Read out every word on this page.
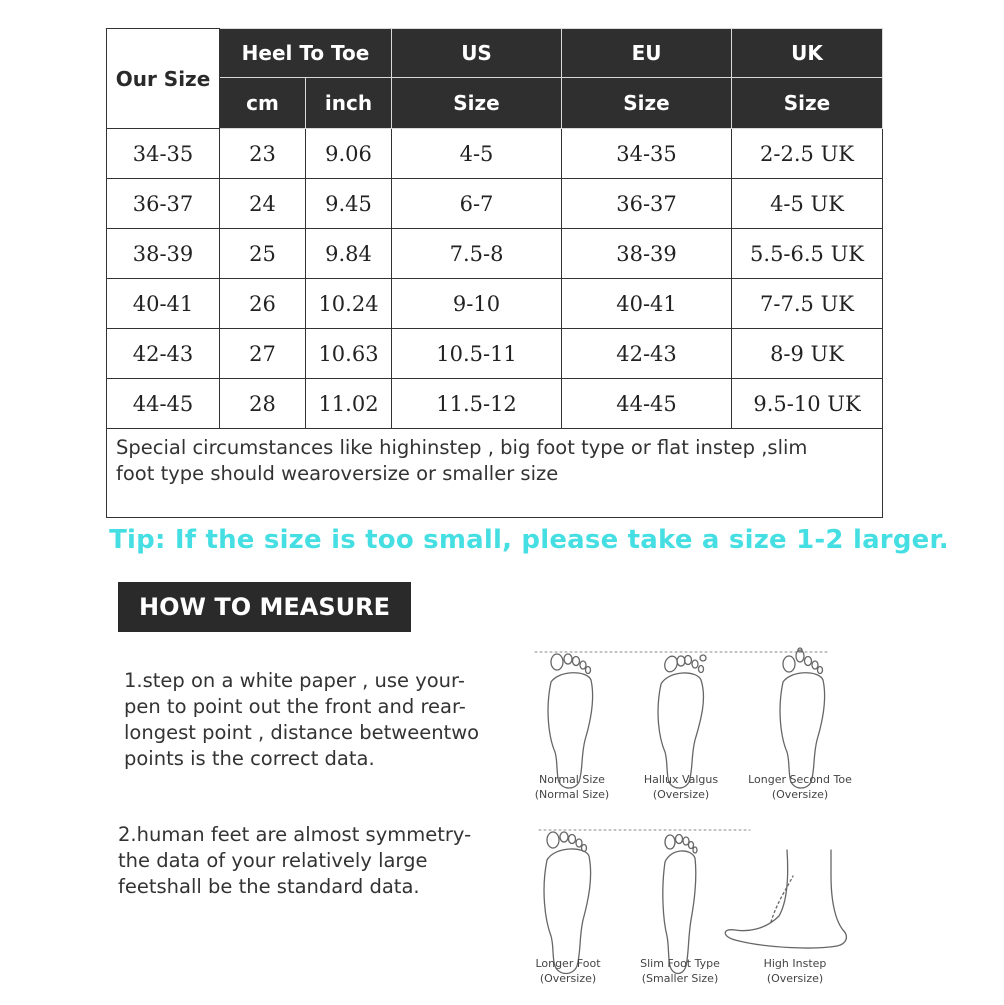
Our Size	Heel To Toe		US	EU	UK
	cm	inch	Size	Size	Size
34-35	23	9.06	4-5	34-35	2-2.5 UK
36-37	24	9.45	6-7	36-37	4-5 UK
38-39	25	9.84	7.5-8	38-39	5.5-6.5 UK
40-41	26	10.24	9-10	40-41	7-7.5 UK
42-43	27	10.63	10.5-11	42-43	8-9 UK
44-45	28	11.02	11.5-12	44-45	9.5-10 UK

Special circumstances like highinstep , big foot type or flat instep ,slim
foot type should wearoversize or smaller size					
Tip: If the size is too small, please take a size 1-2 larger.
HOW TO MEASURE
1.step on a white paper , use your-
pen to point out the front and rear-
longest point , distance betweentwo
points is the correct data.
2.human feet are almost symmetry-
the data of your relatively large
feetshall be the standard data.
Normal Size
(Normal Size)
Hallux Valgus
(Oversize)
Longer Second Toe
(Oversize)
Longer Foot
(Oversize)
Slim Foot Type
(Smaller Size)
High Instep
(Oversize)
